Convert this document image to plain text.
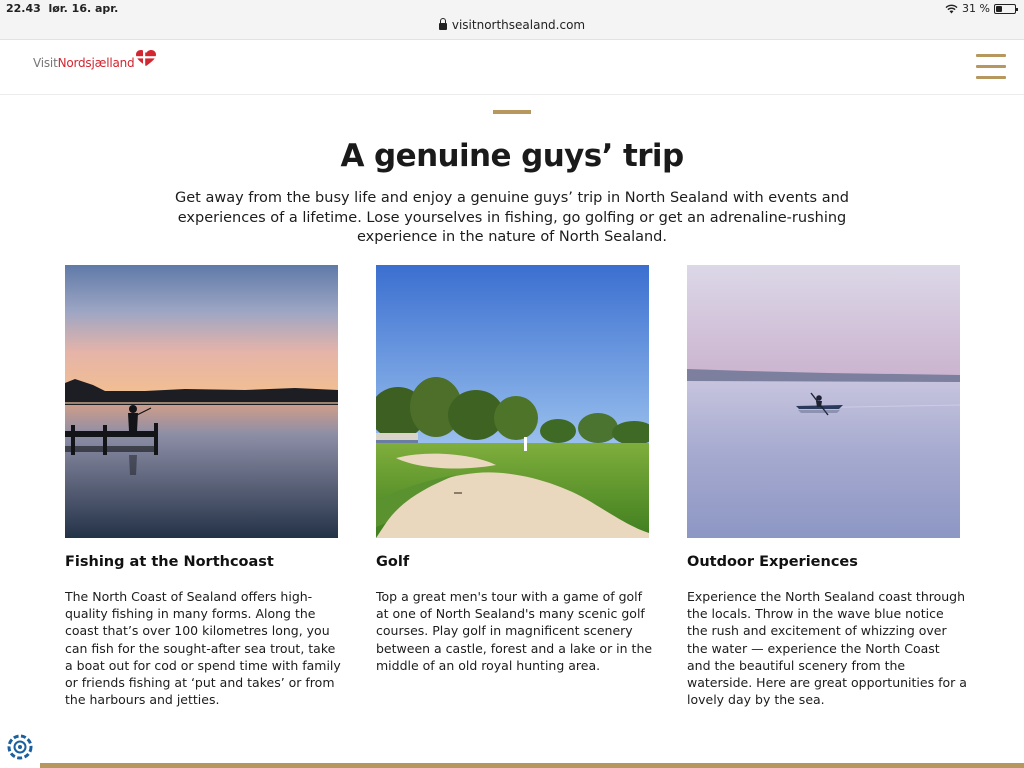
22.43 lør. 16. apr.
visitnorthsealand.com
31 %
Visit Nordsjælland
A genuine guys’ trip

Get away from the busy life and enjoy a genuine guys’ trip in North Sealand with events and experiences of a lifetime. Lose yourselves in fishing, go golfing or get an adrenaline-rushing experience in the nature of North Sealand.

Fishing at the Northcoast
The North Coast of Sealand offers high-quality fishing in many forms. Along the coast that’s over 100 kilometres long, you can fish for the sought-after sea trout, take a boat out for cod or spend time with family or friends fishing at ‘put and takes’ or from the harbours and jetties.
Golf
Top a great men's tour with a game of golf at one of North Sealand's many scenic golf courses. Play golf in magnificent scenery between a castle, forest and a lake or in the middle of an old royal hunting area.
Outdoor Experiences
Experience the North Sealand coast through the locals. Throw in the wave blue notice the rush and excitement of whizzing over the water — experience the North Coast and the beautiful scenery from the waterside. Here are great opportunities for a lovely day by the sea.
